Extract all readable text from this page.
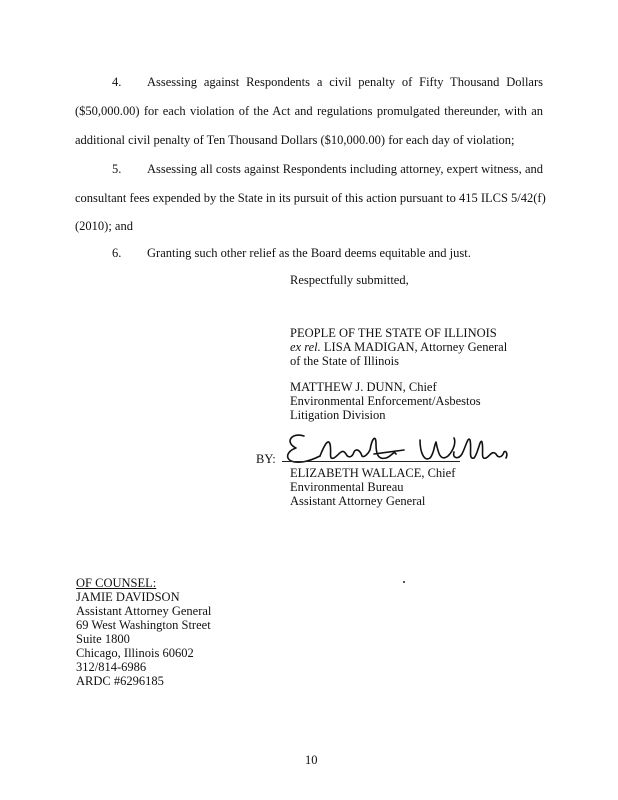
4. Assessing against Respondents a civil penalty of Fifty Thousand Dollars
($50,000.00) for each violation of the Act and regulations promulgated thereunder, with an
additional civil penalty of Ten Thousand Dollars ($10,000.00) for each day of violation;
5. Assessing all costs against Respondents including attorney, expert witness, and
consultant fees expended by the State in its pursuit of this action pursuant to 415 ILCS 5/42(f)
(2010); and
6. Granting such other relief as the Board deems equitable and just.
Respectfully submitted,
PEOPLE OF THE STATE OF ILLINOIS
ex rel. LISA MADIGAN, Attorney General
of the State of Illinois
MATTHEW J. DUNN, Chief
Environmental Enforcement/Asbestos
Litigation Division
BY:
ELIZABETH WALLACE, Chief
Environmental Bureau
Assistant Attorney General
OF COUNSEL:
JAMIE DAVIDSON
Assistant Attorney General
69 West Washington Street
Suite 1800
Chicago, Illinois 60602
312/814-6986
ARDC #6296185
10
